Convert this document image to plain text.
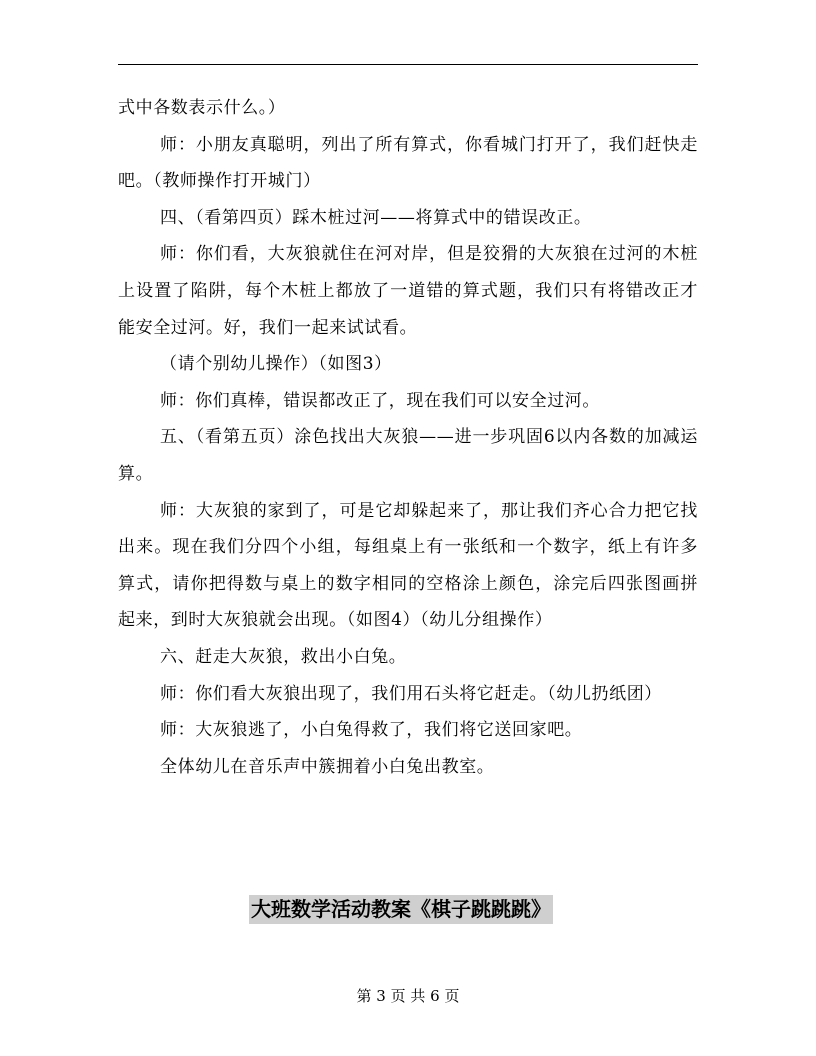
式中各数表示什么。）

师：小朋友真聪明，列出了所有算式，你看城门打开了，我们赶快走吧。（教师操作打开城门）

四、（看第四页）踩木桩过河——将算式中的错误改正。

师：你们看，大灰狼就住在河对岸，但是狡猾的大灰狼在过河的木桩上设置了陷阱，每个木桩上都放了一道错的算式题，我们只有将错改正才能安全过河。好，我们一起来试试看。

（请个别幼儿操作）（如图3）

师：你们真棒，错误都改正了，现在我们可以安全过河。

五、（看第五页）涂色找出大灰狼——进一步巩固6以内各数的加减运算。

师：大灰狼的家到了，可是它却躲起来了，那让我们齐心合力把它找出来。现在我们分四个小组，每组桌上有一张纸和一个数字，纸上有许多算式，请你把得数与桌上的数字相同的空格涂上颜色，涂完后四张图画拼起来，到时大灰狼就会出现。（如图4）（幼儿分组操作）

六、赶走大灰狼，救出小白兔。

师：你们看大灰狼出现了，我们用石头将它赶走。（幼儿扔纸团）

师：大灰狼逃了，小白兔得救了，我们将它送回家吧。

全体幼儿在音乐声中簇拥着小白兔出教室。

大班数学活动教案《棋子跳跳跳》
第 3 页 共 6 页
